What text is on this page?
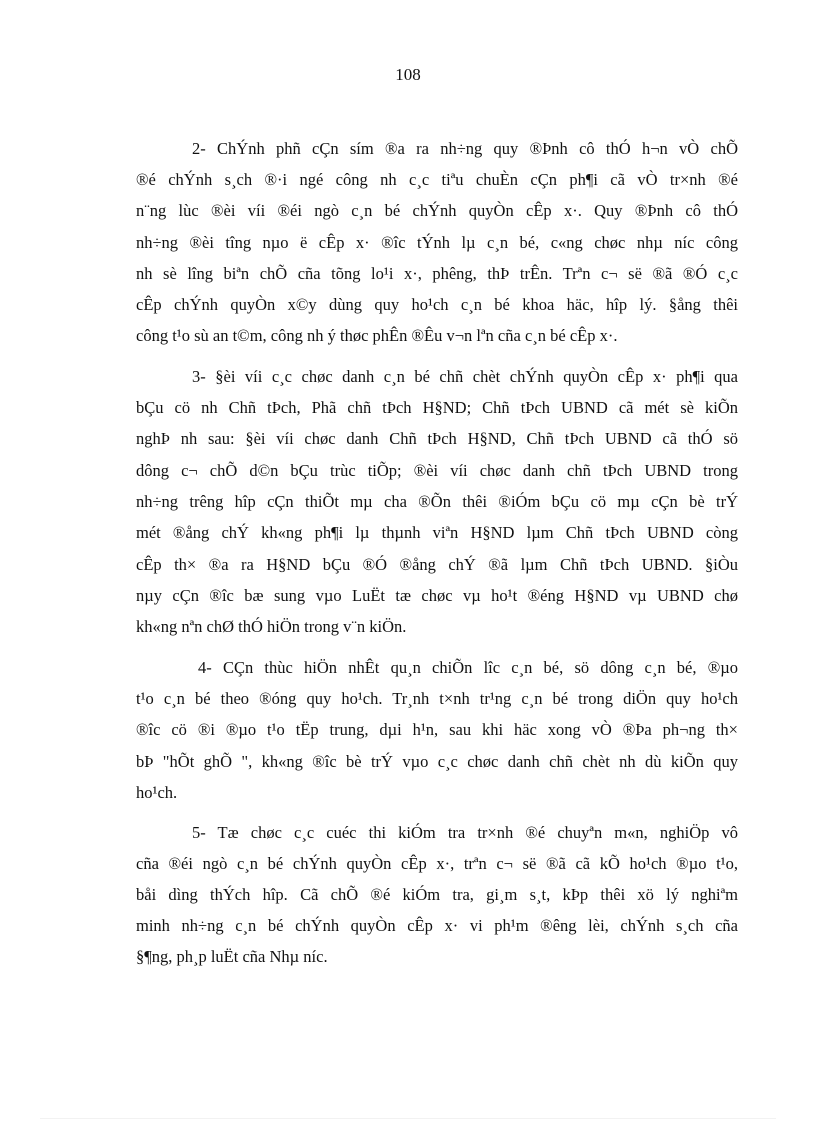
108
2- ChÝnh phñ cÇn sím ®a ra nh÷ng quy ®Þnh cô thÓ h¬n vÒ chÕ
®é chÝnh s¸ch ®·i ngé công nh c¸c tiªu chuÈn cÇn ph¶i cã vÒ tr×nh ®é
n¨ng lùc ®èi víi ®éi ngò c¸n bé chÝnh quyÒn cÊp x·. Quy ®Þnh cô thÓ
nh÷ng ®èi tîng nµo ë cÊp x· ®îc tÝnh lµ c¸n bé, c«ng chøc nhµ níc công
nh sè lîng biªn chÕ cña tõng lo¹i x·, phêng, thÞ trÊn. Trªn c¬ së ®ã ®Ó c¸c
cÊp chÝnh quyÒn x©y dùng quy ho¹ch c¸n bé khoa häc, hîp lý. §ång thêi
công t¹o sù an t©m, công nh ý thøc phÊn ®Êu v¬n lªn cña c¸n bé cÊp x·.
3- §èi víi c¸c chøc danh c¸n bé chñ chèt chÝnh quyÒn cÊp x· ph¶i qua
bÇu cö nh Chñ tÞch, Phã chñ tÞch H§ND; Chñ tÞch UBND cã mét sè kiÕn
nghÞ nh sau: §èi víi chøc danh Chñ tÞch H§ND, Chñ tÞch UBND cã thÓ sö
dông c¬ chÕ d©n bÇu trùc tiÕp; ®èi víi chøc danh chñ tÞch UBND trong
nh÷ng trêng hîp cÇn thiÕt mµ cha ®Õn thêi ®iÓm bÇu cö mµ cÇn bè trÝ
mét ®ång chÝ kh«ng ph¶i lµ thµnh viªn H§ND lµm Chñ tÞch UBND còng
cÊp th× ®a ra H§ND bÇu ®Ó ®ång chÝ ®ã lµm Chñ tÞch UBND. §iÒu
nµy cÇn ®îc bæ sung vµo LuËt tæ chøc vµ ho¹t ®éng H§ND vµ UBND chø
kh«ng nªn chØ thÓ hiÖn trong v¨n kiÖn.
4- CÇn thùc hiÖn nhÊt qu¸n chiÕn lîc c¸n bé, sö dông c¸n bé, ®µo
t¹o c¸n bé theo ®óng quy ho¹ch. Tr¸nh t×nh tr¹ng c¸n bé trong diÖn quy ho¹ch
®îc cö ®i ®µo t¹o tËp trung, dµi h¹n, sau khi häc xong vÒ ®Þa ph¬ng th×
bÞ "hÕt ghÕ ", kh«ng ®îc bè trÝ vµo c¸c chøc danh chñ chèt nh dù kiÕn quy
ho¹ch.
5- Tæ chøc c¸c cuéc thi kiÓm tra tr×nh ®é chuyªn m«n, nghiÖp vô
cña ®éi ngò c¸n bé chÝnh quyÒn cÊp x·, trªn c¬ së ®ã cã kÕ ho¹ch ®µo t¹o,
båi dìng thÝch hîp. Cã chÕ ®é kiÓm tra, gi¸m s¸t, kÞp thêi xö lý nghiªm
minh nh÷ng c¸n bé chÝnh quyÒn cÊp x· vi ph¹m ®êng lèi, chÝnh s¸ch cña
§¶ng, ph¸p luËt cña Nhµ níc.
